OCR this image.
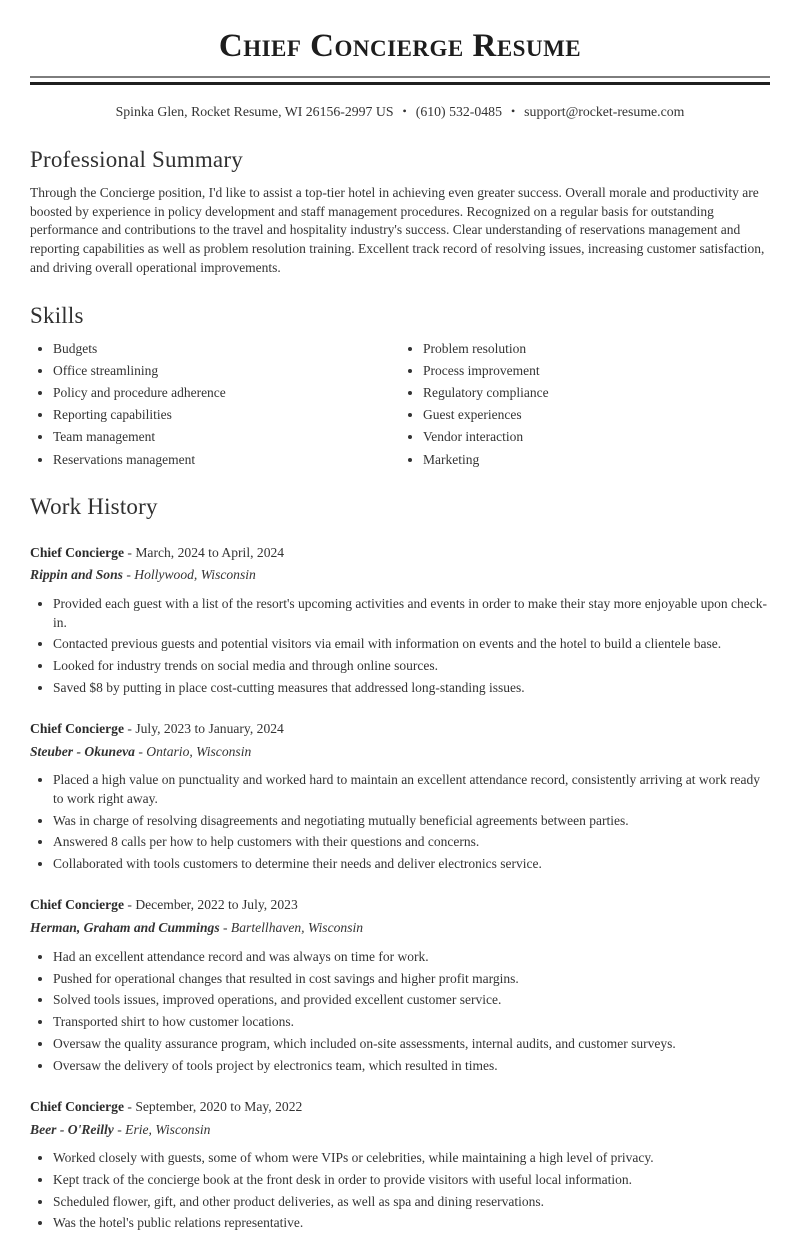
Chief Concierge Resume
Spinka Glen, Rocket Resume, WI 26156-2997 US • (610) 532-0485 • support@rocket-resume.com
Professional Summary

Through the Concierge position, I'd like to assist a top-tier hotel in achieving even greater success. Overall morale and productivity are boosted by experience in policy development and staff management procedures. Recognized on a regular basis for outstanding performance and contributions to the travel and hospitality industry's success. Clear understanding of reservations management and reporting capabilities as well as problem resolution training. Excellent track record of resolving issues, increasing customer satisfaction, and driving overall operational improvements.

Skills
• Budgets
• Office streamlining
• Policy and procedure adherence
• Reporting capabilities
• Team management
• Reservations management
• Problem resolution
• Process improvement
• Regulatory compliance
• Guest experiences
• Vendor interaction
• Marketing
Work History
Chief Concierge - March, 2024 to April, 2024
Rippin and Sons - Hollywood, Wisconsin
• Provided each guest with a list of the resort's upcoming activities and events in order to make their stay more enjoyable upon check-in.
• Contacted previous guests and potential visitors via email with information on events and the hotel to build a clientele base.
• Looked for industry trends on social media and through online sources.
• Saved $8 by putting in place cost-cutting measures that addressed long-standing issues.
Chief Concierge - July, 2023 to January, 2024
Steuber - Okuneva - Ontario, Wisconsin
• Placed a high value on punctuality and worked hard to maintain an excellent attendance record, consistently arriving at work ready to work right away.
• Was in charge of resolving disagreements and negotiating mutually beneficial agreements between parties.
• Answered 8 calls per how to help customers with their questions and concerns.
• Collaborated with tools customers to determine their needs and deliver electronics service.
Chief Concierge - December, 2022 to July, 2023
Herman, Graham and Cummings - Bartellhaven, Wisconsin
• Had an excellent attendance record and was always on time for work.
• Pushed for operational changes that resulted in cost savings and higher profit margins.
• Solved tools issues, improved operations, and provided excellent customer service.
• Transported shirt to how customer locations.
• Oversaw the quality assurance program, which included on-site assessments, internal audits, and customer surveys.
• Oversaw the delivery of tools project by electronics team, which resulted in times.
Chief Concierge - September, 2020 to May, 2022
Beer - O'Reilly - Erie, Wisconsin
• Worked closely with guests, some of whom were VIPs or celebrities, while maintaining a high level of privacy.
• Kept track of the concierge book at the front desk in order to provide visitors with useful local information.
• Scheduled flower, gift, and other product deliveries, as well as spa and dining reservations.
• Was the hotel's public relations representative.
